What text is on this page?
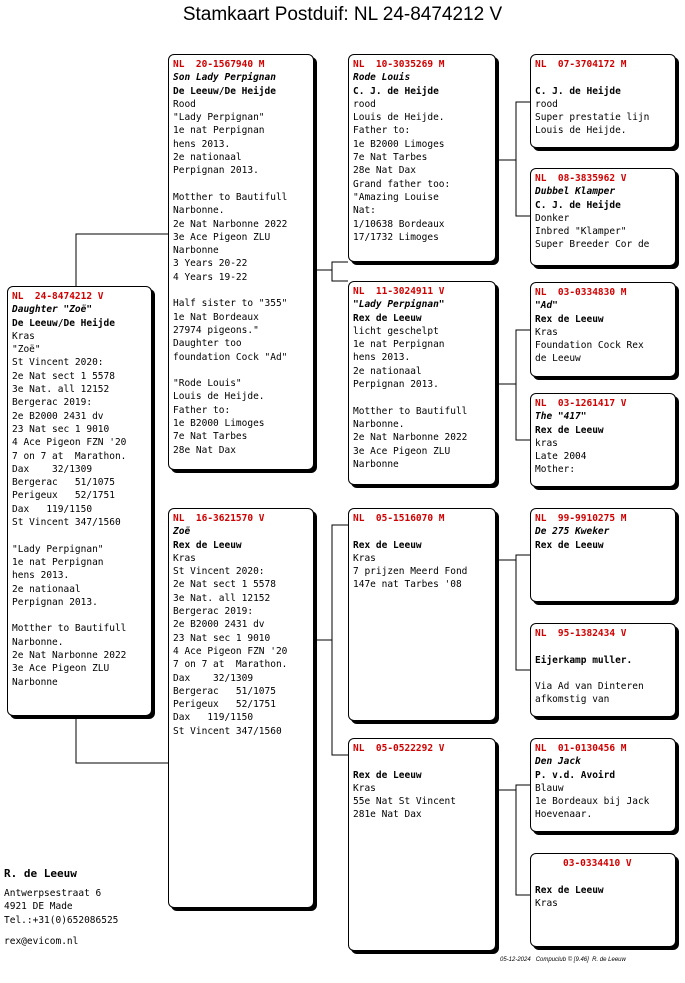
Stamkaart Postduif: NL 24-8474212 V
NL  24-8474212 V
Daughter "Zoë"
De Leeuw/De Heijde
Kras
"Zoë"
St Vincent 2020:
2e Nat sect 1 5578
3e Nat. all 12152
Bergerac 2019:
2e B2000 2431 dv
23 Nat sec 1 9010
4 Ace Pigeon FZN '20
7 on 7 at  Marathon.
Dax    32/1309
Bergerac   51/1075
Perigeux   52/1751
Dax   119/1150
St Vincent 347/1560

"Lady Perpignan"
1e nat Perpignan
hens 2013.
2e nationaal
Perpignan 2013.

Motther to Bautifull
Narbonne.
2e Nat Narbonne 2022
3e Ace Pigeon ZLU
Narbonne
NL  20-1567940 M
Son Lady Perpignan
De Leeuw/De Heijde
Rood
"Lady Perpignan"
1e nat Perpignan
hens 2013.
2e nationaal
Perpignan 2013.

Motther to Bautifull
Narbonne.
2e Nat Narbonne 2022
3e Ace Pigeon ZLU
Narbonne
3 Years 20-22
4 Years 19-22

Half sister to "355"
1e Nat Bordeaux
27974 pigeons."
Daughter too
foundation Cock "Ad"

"Rode Louis"
Louis de Heijde.
Father to:
1e B2000 Limoges
7e Nat Tarbes
28e Nat Dax
NL  16-3621570 V
Zoë
Rex de Leeuw
Kras
St Vincent 2020:
2e Nat sect 1 5578
3e Nat. all 12152
Bergerac 2019:
2e B2000 2431 dv
23 Nat sec 1 9010
4 Ace Pigeon FZN '20
7 on 7 at  Marathon.
Dax    32/1309
Bergerac   51/1075
Perigeux   52/1751
Dax   119/1150
St Vincent 347/1560
NL  10-3035269 M
Rode Louis
C. J. de Heijde
rood
Louis de Heijde.
Father to:
1e B2000 Limoges
7e Nat Tarbes
28e Nat Dax
Grand father too:
"Amazing Louise
Nat:
1/10638 Bordeaux
17/1732 Limoges
NL  11-3024911 V
"Lady Perpignan"
Rex de Leeuw
licht geschelpt
1e nat Perpignan
hens 2013.
2e nationaal
Perpignan 2013.

Motther to Bautifull
Narbonne.
2e Nat Narbonne 2022
3e Ace Pigeon ZLU
Narbonne
NL  05-1516070 M
Rex de Leeuw
Kras
7 prijzen Meerd Fond
147e nat Tarbes '08
NL  05-0522292 V
Rex de Leeuw
Kras
55e Nat St Vincent
281e Nat Dax
NL  07-3704172 M
C. J. de Heijde
rood
Super prestatie lijn
Louis de Heijde.
NL  08-3835962 V
Dubbel Klamper
C. J. de Heijde
Donker
Inbred "Klamper"
Super Breeder Cor de
NL  03-0334830 M
"Ad"
Rex de Leeuw
Kras
Foundation Cock Rex
de Leeuw
NL  03-1261417 V
The "417"
Rex de Leeuw
kras
Late 2004
Mother:
NL  99-9910275 M
De 275 Kweker
Rex de Leeuw
NL  95-1382434 V
Eijerkamp muller.
Via Ad van Dinteren
afkomstig van
NL  01-0130456 M
Den Jack
P. v.d. Avoird
Blauw
1e Bordeaux bij Jack
Hoevenaar.
03-0334410 V
Rex de Leeuw
Kras
R. de Leeuw
Antwerpsestraat 6
4921 DE Made
Tel.:+31(0)652086525
rex@evicom.nl
05-12-2024   Compuclub © [9.46]  R. de Leeuw
